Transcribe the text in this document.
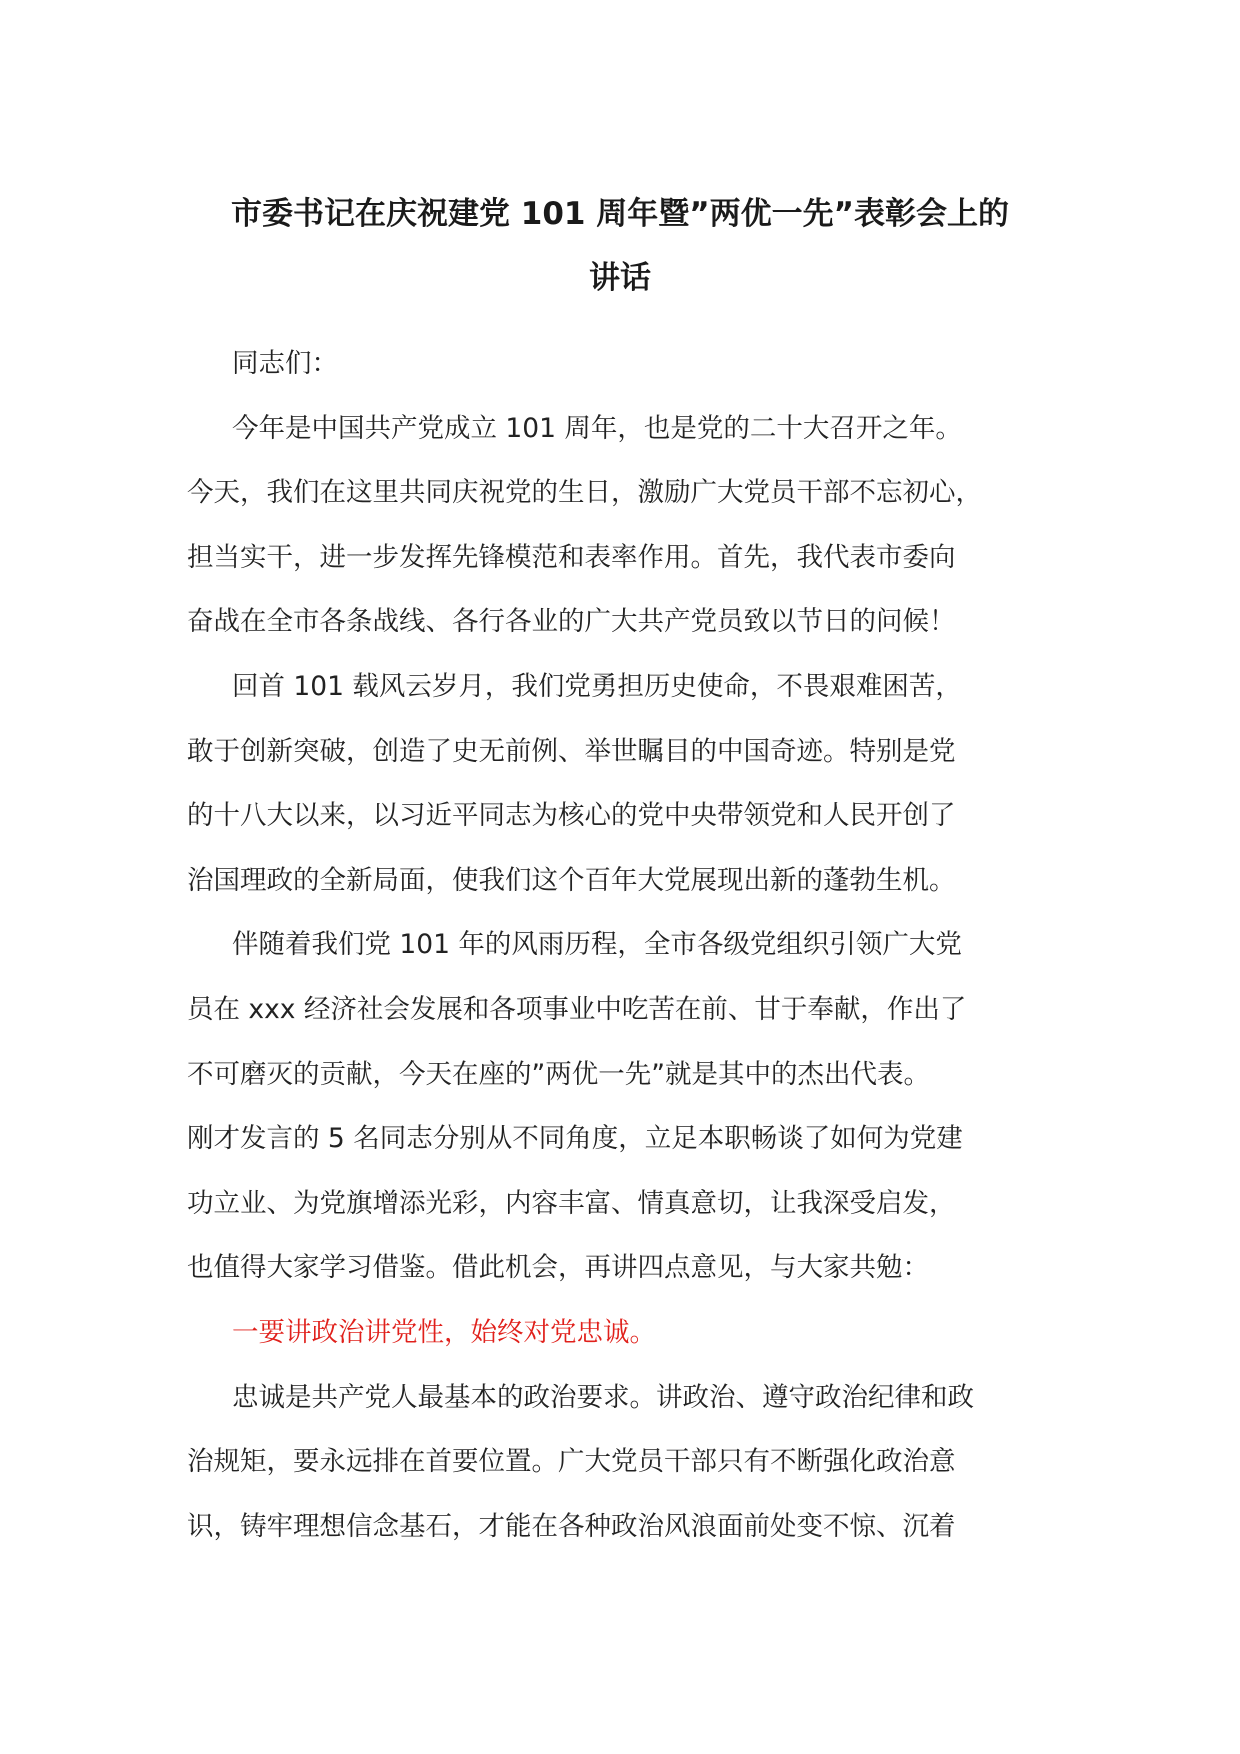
市委书记在庆祝建党 101 周年暨”两优一先”表彰会上的
讲话

同志们：

今年是中国共产党成立 101 周年，也是党的二十大召开之年。

今天，我们在这里共同庆祝党的生日，激励广大党员干部不忘初心，

担当实干，进一步发挥先锋模范和表率作用。首先，我代表市委向

奋战在全市各条战线、各行各业的广大共产党员致以节日的问候！

回首 101 载风云岁月，我们党勇担历史使命，不畏艰难困苦，

敢于创新突破，创造了史无前例、举世瞩目的中国奇迹。特别是党

的十八大以来，以习近平同志为核心的党中央带领党和人民开创了

治国理政的全新局面，使我们这个百年大党展现出新的蓬勃生机。

伴随着我们党 101 年的风雨历程，全市各级党组织引领广大党

员在 xxx 经济社会发展和各项事业中吃苦在前、甘于奉献，作出了

不可磨灭的贡献，今天在座的”两优一先”就是其中的杰出代表。

刚才发言的 5 名同志分别从不同角度，立足本职畅谈了如何为党建

功立业、为党旗增添光彩，内容丰富、情真意切，让我深受启发，

也值得大家学习借鉴。借此机会，再讲四点意见，与大家共勉：

一要讲政治讲党性，始终对党忠诚。

忠诚是共产党人最基本的政治要求。讲政治、遵守政治纪律和政

治规矩，要永远排在首要位置。广大党员干部只有不断强化政治意

识，铸牢理想信念基石，才能在各种政治风浪面前处变不惊、沉着
